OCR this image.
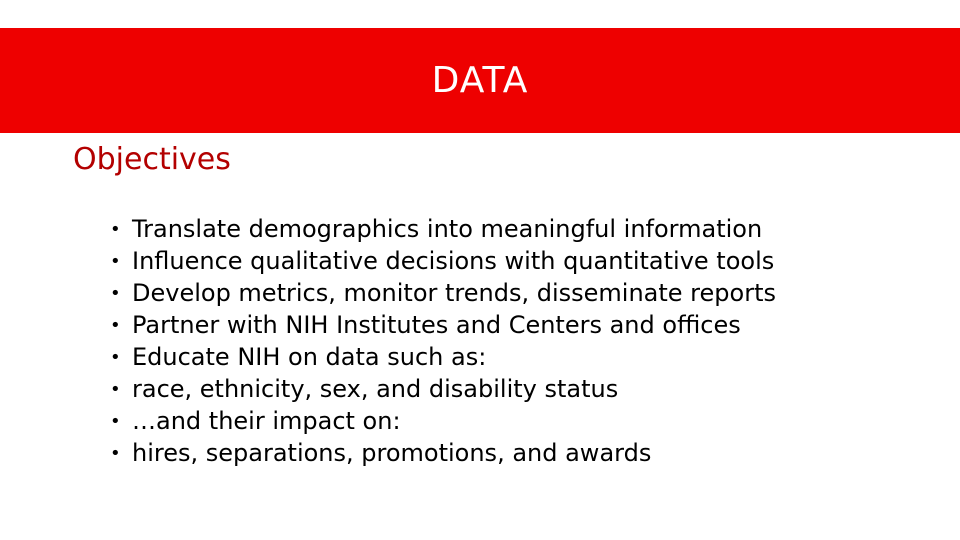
DATA
Objectives
• Translate demographics into meaningful information
• Influence qualitative decisions with quantitative tools
• Develop metrics, monitor trends, disseminate reports
• Partner with NIH Institutes and Centers and offices
• Educate NIH on data such as:
• race, ethnicity, sex, and disability status
• …and their impact on:
• hires, separations, promotions, and awards
